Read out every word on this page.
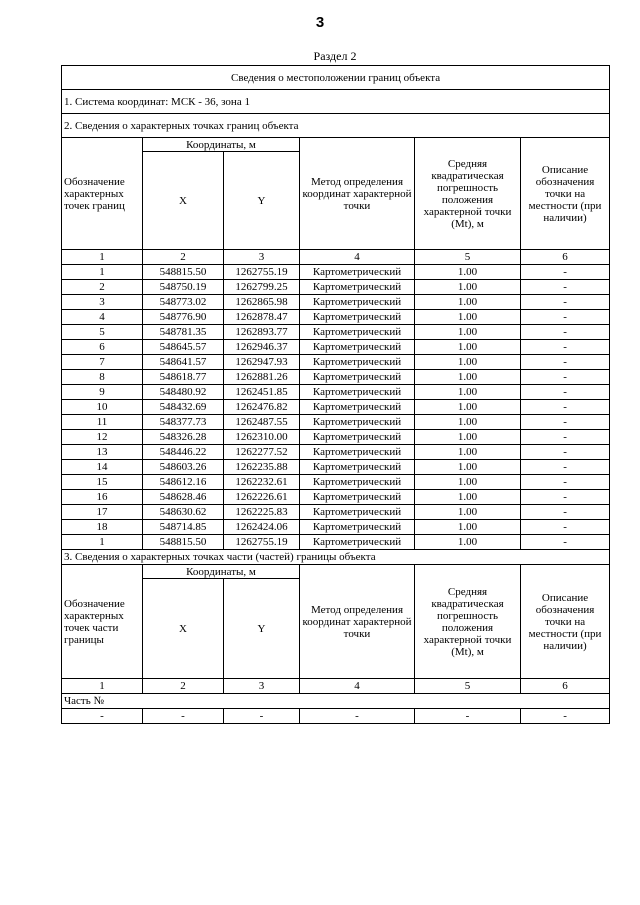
3
Раздел 2
Сведения о местоположении границ объекта					
1. Система координат: МСК - 36, зона 1					
2. Сведения о характерных точках границ объекта					
Обозначение характерных точек границ	Координаты, м		Метод определения координат характерной точки	Средняя квадратическая погрешность положения характерной точки (Mt), м	Описание обозначения точки на местности (при наличии)
	X	Y			
1	2	3	4	5	6
1	548815.50	1262755.19	Картометрический	1.00	-
2	548750.19	1262799.25	Картометрический	1.00	-
3	548773.02	1262865.98	Картометрический	1.00	-
4	548776.90	1262878.47	Картометрический	1.00	-
5	548781.35	1262893.77	Картометрический	1.00	-
6	548645.57	1262946.37	Картометрический	1.00	-
7	548641.57	1262947.93	Картометрический	1.00	-
8	548618.77	1262881.26	Картометрический	1.00	-
9	548480.92	1262451.85	Картометрический	1.00	-
10	548432.69	1262476.82	Картометрический	1.00	-
11	548377.73	1262487.55	Картометрический	1.00	-
12	548326.28	1262310.00	Картометрический	1.00	-
13	548446.22	1262277.52	Картометрический	1.00	-
14	548603.26	1262235.88	Картометрический	1.00	-
15	548612.16	1262232.61	Картометрический	1.00	-
16	548628.46	1262226.61	Картометрический	1.00	-
17	548630.62	1262225.83	Картометрический	1.00	-
18	548714.85	1262424.06	Картометрический	1.00	-
1	548815.50	1262755.19	Картометрический	1.00	-
3. Сведения о характерных точках части (частей) границы объекта					
Обозначение характерных точек части границы	Координаты, м		Метод определения координат характерной точки	Средняя квадратическая погрешность положения характерной точки (Mt), м	Описание обозначения точки на местности (при наличии)
	X	Y			
1	2	3	4	5	6
Часть №					
-	-	-	-	-	-
